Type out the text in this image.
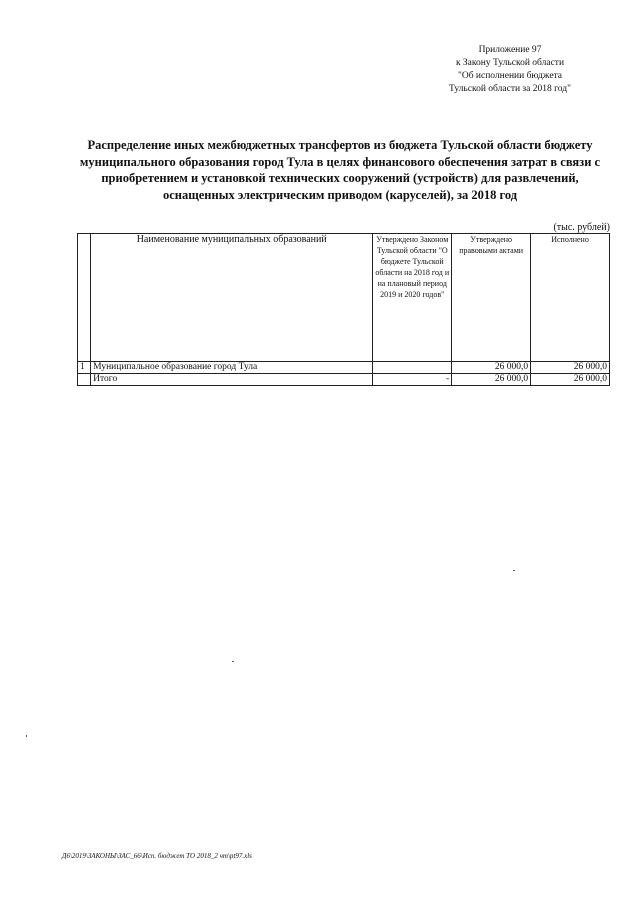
Приложение 97
к Закону Тульской области
"Об исполнении бюджета
Тульской области за 2018 год"
Распределение иных межбюджетных трансфертов из бюджета Тульской области бюджету
муниципального образования город Тула в целях финансового обеспечения затрат в связи с
приобретением и установкой технических сооружений (устройств) для развлечений,
оснащенных электрическим приводом (каруселей), за 2018 год
(тыс. рублей)
	Наименование муниципальных образований	Утверждено Законом Тульской области "О бюджете Тульской области на 2018 год и на плановый период 2019 и 2020 годов"	Утверждено правовыми актами	Исполнено
1	Муниципальное образование город Тула		26 000,0	26 000,0
	Итого	-	26 000,0	26 000,0
Д6\2019\ЗАКОНЫ\ЗАС_66\Исп. бюджет ТО 2018_2 чт\pt97.xls
